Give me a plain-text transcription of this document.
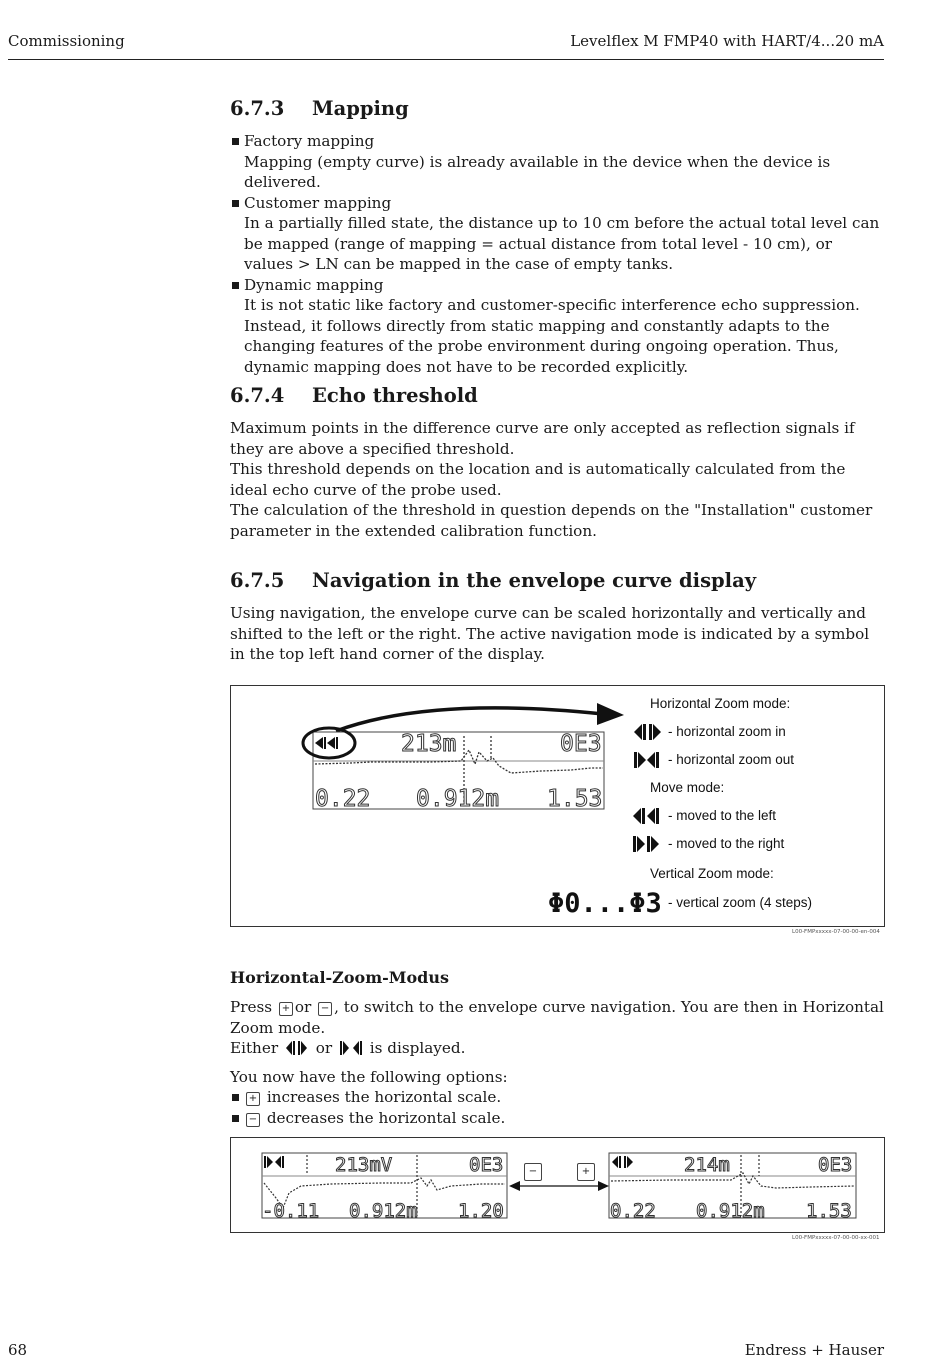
Commissioning	Levelflex M FMP40 with HART/4...20 mA
6.7.3 Mapping
Factory mapping
Mapping (empty curve) is already available in the device when the device is delivered.
Customer mapping
In a partially filled state, the distance up to 10 cm before the actual total level can be mapped (range of mapping = actual distance from total level - 10 cm), or values > LN can be mapped in the case of empty tanks.
Dynamic mapping
It is not static like factory and customer-specific interference echo suppression. Instead, it follows directly from static mapping and constantly adapts to the changing features of the probe environment during ongoing operation. Thus, dynamic mapping does not have to be recorded explicitly.
6.7.4 Echo threshold

Maximum points in the difference curve are only accepted as reflection signals if they are above a specified threshold.

This threshold depends on the location and is automatically calculated from the ideal echo curve of the probe used.

The calculation of the threshold in question depends on the "Installation" customer parameter in the extended calibration function.

6.7.5 Navigation in the envelope curve display

Using navigation, the envelope curve can be scaled horizontally and vertically and shifted to the left or the right. The active navigation mode is indicated by a symbol in the top left hand corner of the display.

213m	0E3
0.22 0.912m 1.53
Φ0...Φ3
Horizontal Zoom mode:
- horizontal zoom in
- horizontal zoom out
Move mode:
- moved to the left
- moved to the right
Vertical Zoom mode:
- vertical zoom (4 steps)
L00-FMPxxxxx-07-00-00-en-004
Horizontal-Zoom-Modus
Press + or − , to switch to the envelope curve navigation. You are then in Horizontal Zoom mode.
Either or is displayed.
You now have the following options:
+ increases the horizontal scale.
− decreases the horizontal scale.
213mV	0E3
-0.11 0.912m 1.20
214m	0E3
0.22 0.912m 1.53
−	+
L00-FMPxxxxx-07-00-00-xx-001
68	Endress + Hauser
